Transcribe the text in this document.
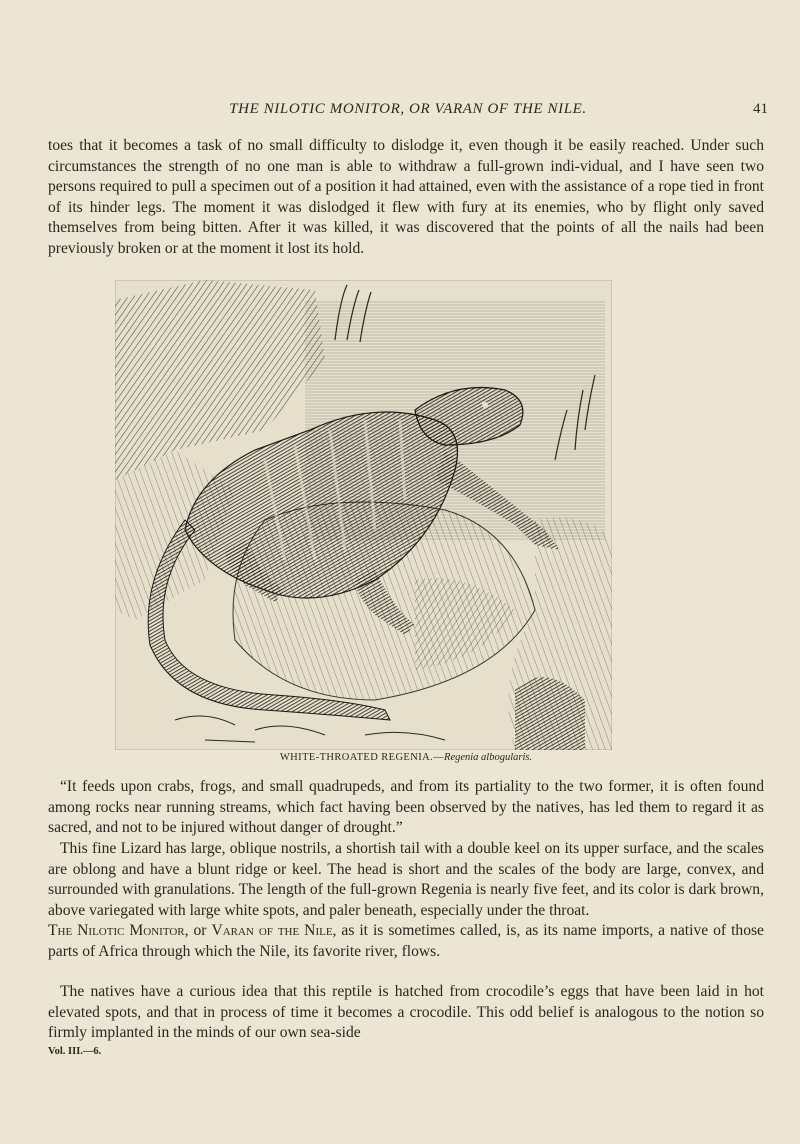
THE NILOTIC MONITOR, OR VARAN OF THE NILE.	41

toes that it becomes a task of no small difficulty to dislodge it, even though it be easily reached. Under such circumstances the strength of no one man is able to withdraw a full-grown indi-vidual, and I have seen two persons required to pull a specimen out of a position it had attained, even with the assistance of a rope tied in front of its hinder legs. The moment it was dislodged it flew with fury at its enemies, who by flight only saved themselves from being bitten. After it was killed, it was discovered that the points of all the nails had been previously broken or at the moment it lost its hold.

WHITE-THROATED REGENIA.—Regenia albogularis.

“It feeds upon crabs, frogs, and small quadrupeds, and from its partiality to the two former, it is often found among rocks near running streams, which fact having been observed by the natives, has led them to regard it as sacred, and not to be injured without danger of drought.”

This fine Lizard has large, oblique nostrils, a shortish tail with a double keel on its upper surface, and the scales are oblong and have a blunt ridge or keel. The head is short and the scales of the body are large, convex, and surrounded with granulations. The length of the full-grown Regenia is nearly five feet, and its color is dark brown, above variegated with large white spots, and paler beneath, especially under the throat.

The Nilotic Monitor, or Varan of the Nile, as it is sometimes called, is, as its name imports, a native of those parts of Africa through which the Nile, its favorite river, flows.

The natives have a curious idea that this reptile is hatched from crocodile’s eggs that have been laid in hot elevated spots, and that in process of time it becomes a crocodile. This odd belief is analogous to the notion so firmly implanted in the minds of our own sea-side

Vol. III.—6.
